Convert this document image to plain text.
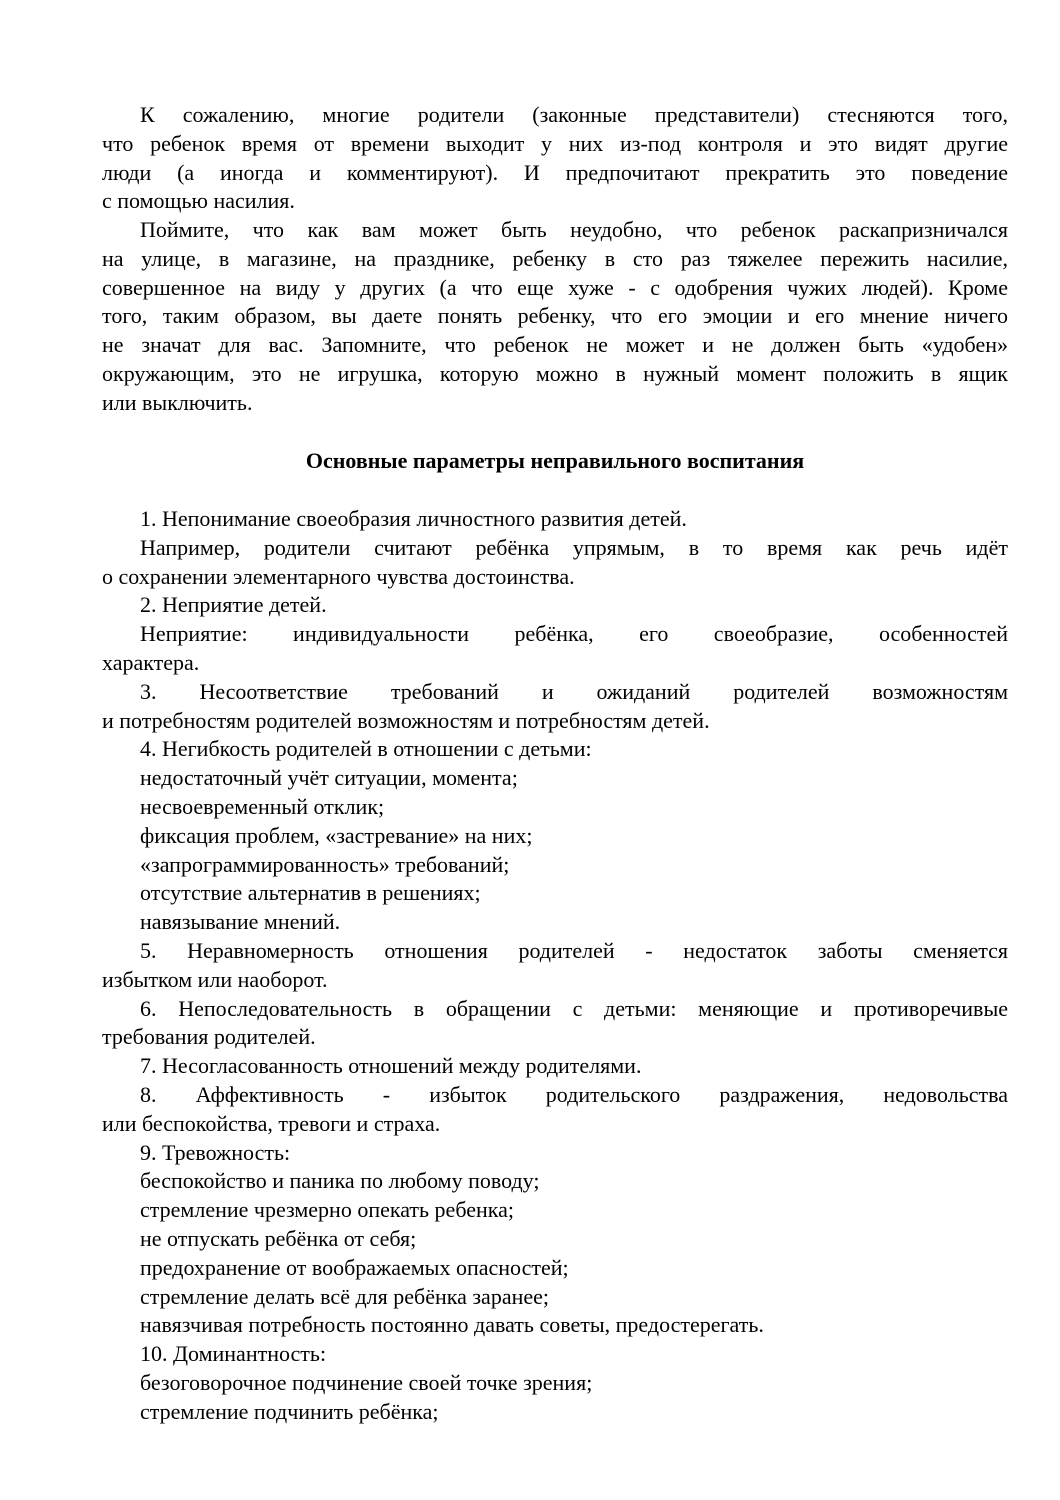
К сожалению, многие родители (законные представители) стесняются того,

что ребенок время от времени выходит у них из-под контроля и это видят другие

люди (а иногда и комментируют). И предпочитают прекратить это поведение

с помощью насилия.

Поймите, что как вам может быть неудобно, что ребенок раскапризничался

на улице, в магазине, на празднике, ребенку в сто раз тяжелее пережить насилие,

совершенное на виду у других (а что еще хуже - с одобрения чужих людей). Кроме

того, таким образом, вы даете понять ребенку, что его эмоции и его мнение ничего

не значат для вас. Запомните, что ребенок не может и не должен быть «удобен»

окружающим, это не игрушка, которую можно в нужный момент положить в ящик

или выключить.

Основные параметры неправильного воспитания

1. Непонимание своеобразия личностного развития детей.

Например, родители считают ребёнка упрямым, в то время как речь идёт

о сохранении элементарного чувства достоинства.

2. Неприятие детей.

Неприятие: индивидуальности ребёнка, его своеобразие, особенностей

характера.

3. Несоответствие требований и ожиданий родителей возможностям

и потребностям родителей возможностям и потребностям детей.

4. Негибкость родителей в отношении с детьми:

недостаточный учёт ситуации, момента;

несвоевременный отклик;

фиксация проблем, «застревание» на них;

«запрограммированность» требований;

отсутствие альтернатив в решениях;

навязывание мнений.

5. Неравномерность отношения родителей - недостаток заботы сменяется

избытком или наоборот.

6. Непоследовательность в обращении с детьми: меняющие и противоречивые

требования родителей.

7. Несогласованность отношений между родителями.

8. Аффективность - избыток родительского раздражения, недовольства

или беспокойства, тревоги и страха.

9. Тревожность:

беспокойство и паника по любому поводу;

стремление чрезмерно опекать ребенка;

не отпускать ребёнка от себя;

предохранение от воображаемых опасностей;

стремление делать всё для ребёнка заранее;

навязчивая потребность постоянно давать советы, предостерегать.

10. Доминантность:

безоговорочное подчинение своей точке зрения;

стремление подчинить ребёнка;
